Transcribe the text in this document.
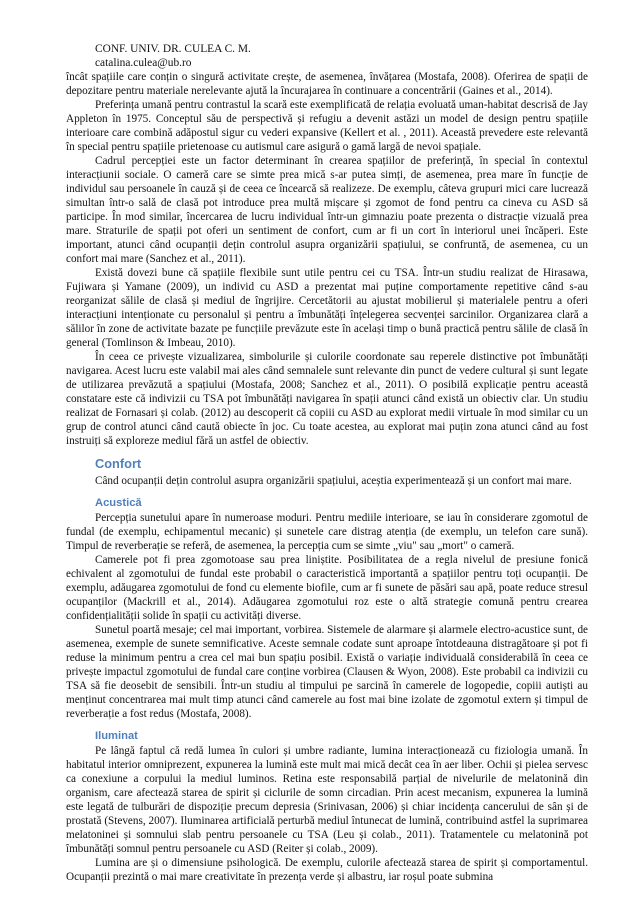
CONF. UNIV. DR. CULEA C. M.
catalina.culea@ub.ro

încât spațiile care conțin o singură activitate crește, de asemenea, învățarea (Mostafa, 2008). Oferirea de spații de depozitare pentru materiale nerelevante ajută la încurajarea în continuare a concentrării (Gaines et al., 2014).

Preferința umană pentru contrastul la scară este exemplificată de relația evoluată uman-habitat descrisă de Jay Appleton în 1975. Conceptul său de perspectivă și refugiu a devenit astăzi un model de design pentru spațiile interioare care combină adăpostul sigur cu vederi expansive (Kellert et al. , 2011). Această prevedere este relevantă în special pentru spațiile prietenoase cu autismul care asigură o gamă largă de nevoi spațiale.

Cadrul percepției este un factor determinant în crearea spațiilor de preferință, în special în contextul interacțiunii sociale. O cameră care se simte prea mică s-ar putea simți, de asemenea, prea mare în funcție de individul sau persoanele în cauză și de ceea ce încearcă să realizeze. De exemplu, câteva grupuri mici care lucrează simultan într-o sală de clasă pot introduce prea multă mișcare și zgomot de fond pentru ca cineva cu ASD să participe. În mod similar, încercarea de lucru individual într-un gimnaziu poate prezenta o distracție vizuală prea mare. Straturile de spații pot oferi un sentiment de confort, cum ar fi un cort în interiorul unei încăperi. Este important, atunci când ocupanții dețin controlul asupra organizării spațiului, se confruntă, de asemenea, cu un confort mai mare (Sanchez et al., 2011).

Există dovezi bune că spațiile flexibile sunt utile pentru cei cu TSA. Într-un studiu realizat de Hirasawa, Fujiwara și Yamane (2009), un individ cu ASD a prezentat mai puține comportamente repetitive când s-au reorganizat sălile de clasă și mediul de îngrijire. Cercetătorii au ajustat mobilierul și materialele pentru a oferi interacțiuni intenționate cu personalul și pentru a îmbunătăți înțelegerea secvenței sarcinilor. Organizarea clară a sălilor în zone de activitate bazate pe funcțiile prevăzute este în același timp o bună practică pentru sălile de clasă în general (Tomlinson & Imbeau, 2010).

În ceea ce privește vizualizarea, simbolurile și culorile coordonate sau reperele distinctive pot îmbunătăți navigarea. Acest lucru este valabil mai ales când semnalele sunt relevante din punct de vedere cultural și sunt legate de utilizarea prevăzută a spațiului (Mostafa, 2008; Sanchez et al., 2011). O posibilă explicație pentru această constatare este că indivizii cu TSA pot îmbunătăți navigarea în spații atunci când există un obiectiv clar. Un studiu realizat de Fornasari și colab. (2012) au descoperit că copiii cu ASD au explorat medii virtuale în mod similar cu un grup de control atunci când caută obiecte în joc. Cu toate acestea, au explorat mai puțin zona atunci când au fost instruiți să exploreze mediul fără un astfel de obiectiv.

Confort

Când ocupanții dețin controlul asupra organizării spațiului, aceștia experimentează și un confort mai mare.

Acustică

Percepția sunetului apare în numeroase moduri. Pentru mediile interioare, se iau în considerare zgomotul de fundal (de exemplu, echipamentul mecanic) și sunetele care distrag atenția (de exemplu, un telefon care sună). Timpul de reverberație se referă, de asemenea, la percepția cum se simte „viu" sau „mort" o cameră.

Camerele pot fi prea zgomotoase sau prea liniștite. Posibilitatea de a regla nivelul de presiune fonică echivalent al zgomotului de fundal este probabil o caracteristică importantă a spațiilor pentru toți ocupanții. De exemplu, adăugarea zgomotului de fond cu elemente biofile, cum ar fi sunete de păsări sau apă, poate reduce stresul ocupanților (Mackrill et al., 2014). Adăugarea zgomotului roz este o altă strategie comună pentru crearea confidențialității solide în spații cu activități diverse.

Sunetul poartă mesaje; cel mai important, vorbirea. Sistemele de alarmare și alarmele electro-acustice sunt, de asemenea, exemple de sunete semnificative. Aceste semnale codate sunt aproape întotdeauna distragătoare și pot fi reduse la minimum pentru a crea cel mai bun spațiu posibil. Există o variație individuală considerabilă în ceea ce privește impactul zgomotului de fundal care conține vorbirea (Clausen & Wyon, 2008). Este probabil ca indivizii cu TSA să fie deosebit de sensibili. Într-un studiu al timpului pe sarcină în camerele de logopedie, copiii autiști au menținut concentrarea mai mult timp atunci când camerele au fost mai bine izolate de zgomotul extern și timpul de reverberație a fost redus (Mostafa, 2008).

Iluminat

Pe lângă faptul că redă lumea în culori și umbre radiante, lumina interacționează cu fiziologia umană. În habitatul interior omniprezent, expunerea la lumină este mult mai mică decât cea în aer liber. Ochii și pielea servesc ca conexiune a corpului la mediul luminos. Retina este responsabilă parțial de nivelurile de melatonină din organism, care afectează starea de spirit și ciclurile de somn circadian. Prin acest mecanism, expunerea la lumină este legată de tulburări de dispoziție precum depresia (Srinivasan, 2006) și chiar incidența cancerului de sân și de prostată (Stevens, 2007). Iluminarea artificială perturbă mediul întunecat de lumină, contribuind astfel la suprimarea melatoninei și somnului slab pentru persoanele cu TSA (Leu și colab., 2011). Tratamentele cu melatonină pot îmbunătăți somnul pentru persoanele cu ASD (Reiter și colab., 2009).

Lumina are și o dimensiune psihologică. De exemplu, culorile afectează starea de spirit și comportamentul. Ocupanții prezintă o mai mare creativitate în prezența verde și albastru, iar roșul poate submina
